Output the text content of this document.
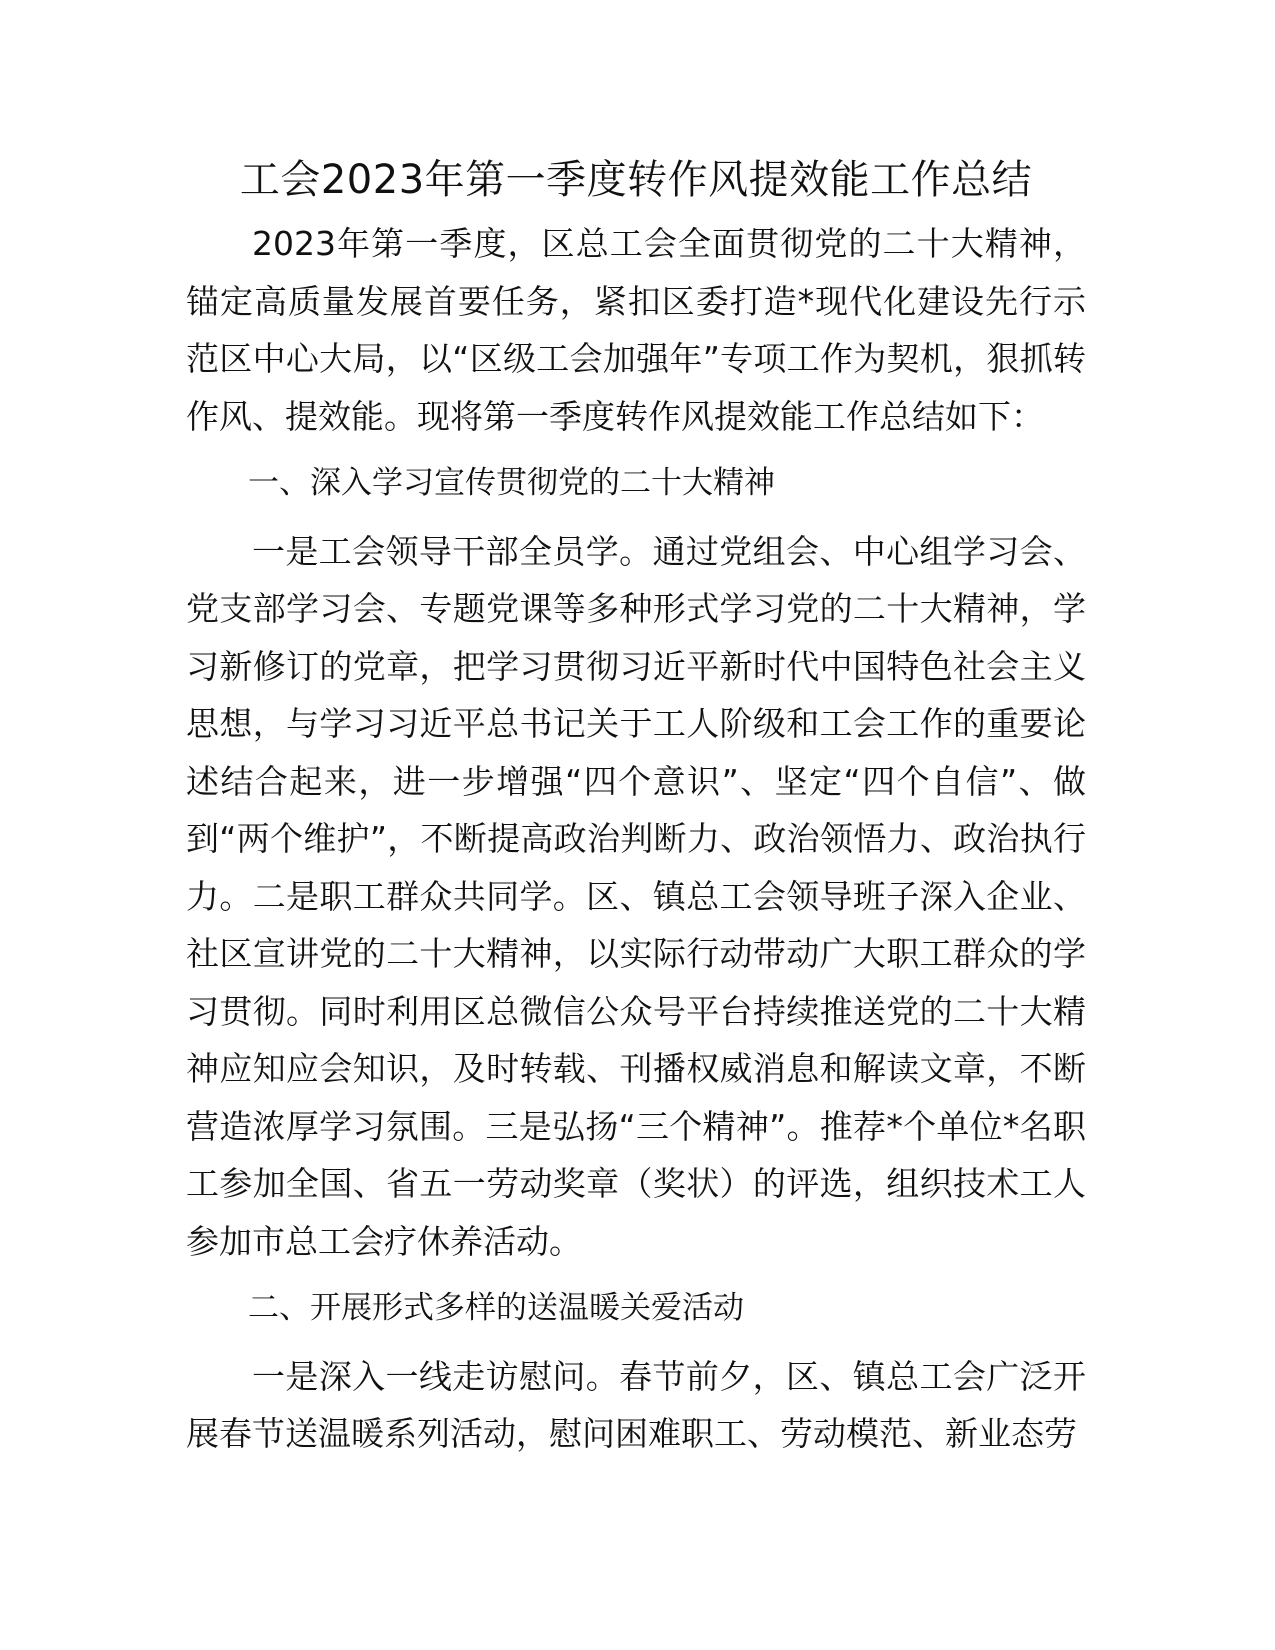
工会2023年第一季度转作风提效能工作总结

2023年第一季度，区总工会全面贯彻党的二十大精神，锚定高质量发展首要任务，紧扣区委打造*现代化建设先行示范区中心大局，以“区级工会加强年”专项工作为契机，狠抓转作风、提效能。现将第一季度转作风提效能工作总结如下：

一、深入学习宣传贯彻党的二十大精神

一是工会领导干部全员学。通过党组会、中心组学习会、党支部学习会、专题党课等多种形式学习党的二十大精神，学习新修订的党章，把学习贯彻习近平新时代中国特色社会主义思想，与学习习近平总书记关于工人阶级和工会工作的重要论述结合起来，进一步增强“四个意识”、坚定“四个自信”、做到“两个维护”，不断提高政治判断力、政治领悟力、政治执行力。二是职工群众共同学。区、镇总工会领导班子深入企业、社区宣讲党的二十大精神，以实际行动带动广大职工群众的学习贯彻。同时利用区总微信公众号平台持续推送党的二十大精神应知应会知识，及时转载、刊播权威消息和解读文章，不断营造浓厚学习氛围。三是弘扬“三个精神”。推荐*个单位*名职工参加全国、省五一劳动奖章（奖状）的评选，组织技术工人参加市总工会疗休养活动。

二、开展形式多样的送温暖关爱活动

一是深入一线走访慰问。春节前夕，区、镇总工会广泛开展春节送温暖系列活动，慰问困难职工、劳动模范、新业态劳
